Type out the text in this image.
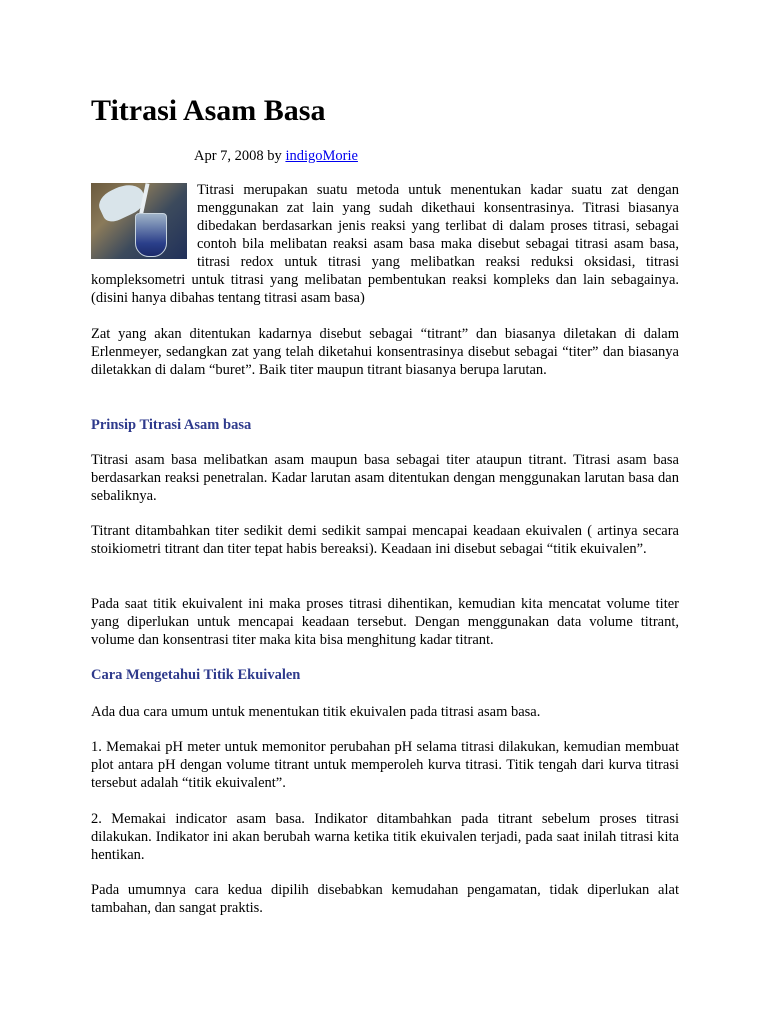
Titrasi Asam Basa
Apr 7, 2008 by indigoMorie

Titrasi merupakan suatu metoda untuk menentukan kadar suatu zat dengan menggunakan zat lain yang sudah dikethaui konsentrasinya. Titrasi biasanya dibedakan berdasarkan jenis reaksi yang terlibat di dalam proses titrasi, sebagai contoh bila melibatan reaksi asam basa maka disebut sebagai titrasi asam basa, titrasi redox untuk titrasi yang melibatkan reaksi reduksi oksidasi, titrasi kompleksometri untuk titrasi yang melibatan pembentukan reaksi kompleks dan lain sebagainya. (disini hanya dibahas tentang titrasi asam basa)

Zat yang akan ditentukan kadarnya disebut sebagai “titrant” dan biasanya diletakan di dalam Erlenmeyer, sedangkan zat yang telah diketahui konsentrasinya disebut sebagai “titer” dan biasanya diletakkan di dalam “buret”. Baik titer maupun titrant biasanya berupa larutan.

Prinsip Titrasi Asam basa

Titrasi asam basa melibatkan asam maupun basa sebagai titer ataupun titrant. Titrasi asam basa berdasarkan reaksi penetralan. Kadar larutan asam ditentukan dengan menggunakan larutan basa dan sebaliknya.

Titrant ditambahkan titer sedikit demi sedikit sampai mencapai keadaan ekuivalen ( artinya secara stoikiometri titrant dan titer tepat habis bereaksi). Keadaan ini disebut sebagai “titik ekuivalen”.

Pada saat titik ekuivalent ini maka proses titrasi dihentikan, kemudian kita mencatat volume titer yang diperlukan untuk mencapai keadaan tersebut. Dengan menggunakan data volume titrant, volume dan konsentrasi titer maka kita bisa menghitung kadar titrant.

Cara Mengetahui Titik Ekuivalen

Ada dua cara umum untuk menentukan titik ekuivalen pada titrasi asam basa.

1. Memakai pH meter untuk memonitor perubahan pH selama titrasi dilakukan, kemudian membuat plot antara pH dengan volume titrant untuk memperoleh kurva titrasi. Titik tengah dari kurva titrasi tersebut adalah “titik ekuivalent”.

2. Memakai indicator asam basa. Indikator ditambahkan pada titrant sebelum proses titrasi dilakukan. Indikator ini akan berubah warna ketika titik ekuivalen terjadi, pada saat inilah titrasi kita hentikan.

Pada umumnya cara kedua dipilih disebabkan kemudahan pengamatan, tidak diperlukan alat tambahan, dan sangat praktis.
